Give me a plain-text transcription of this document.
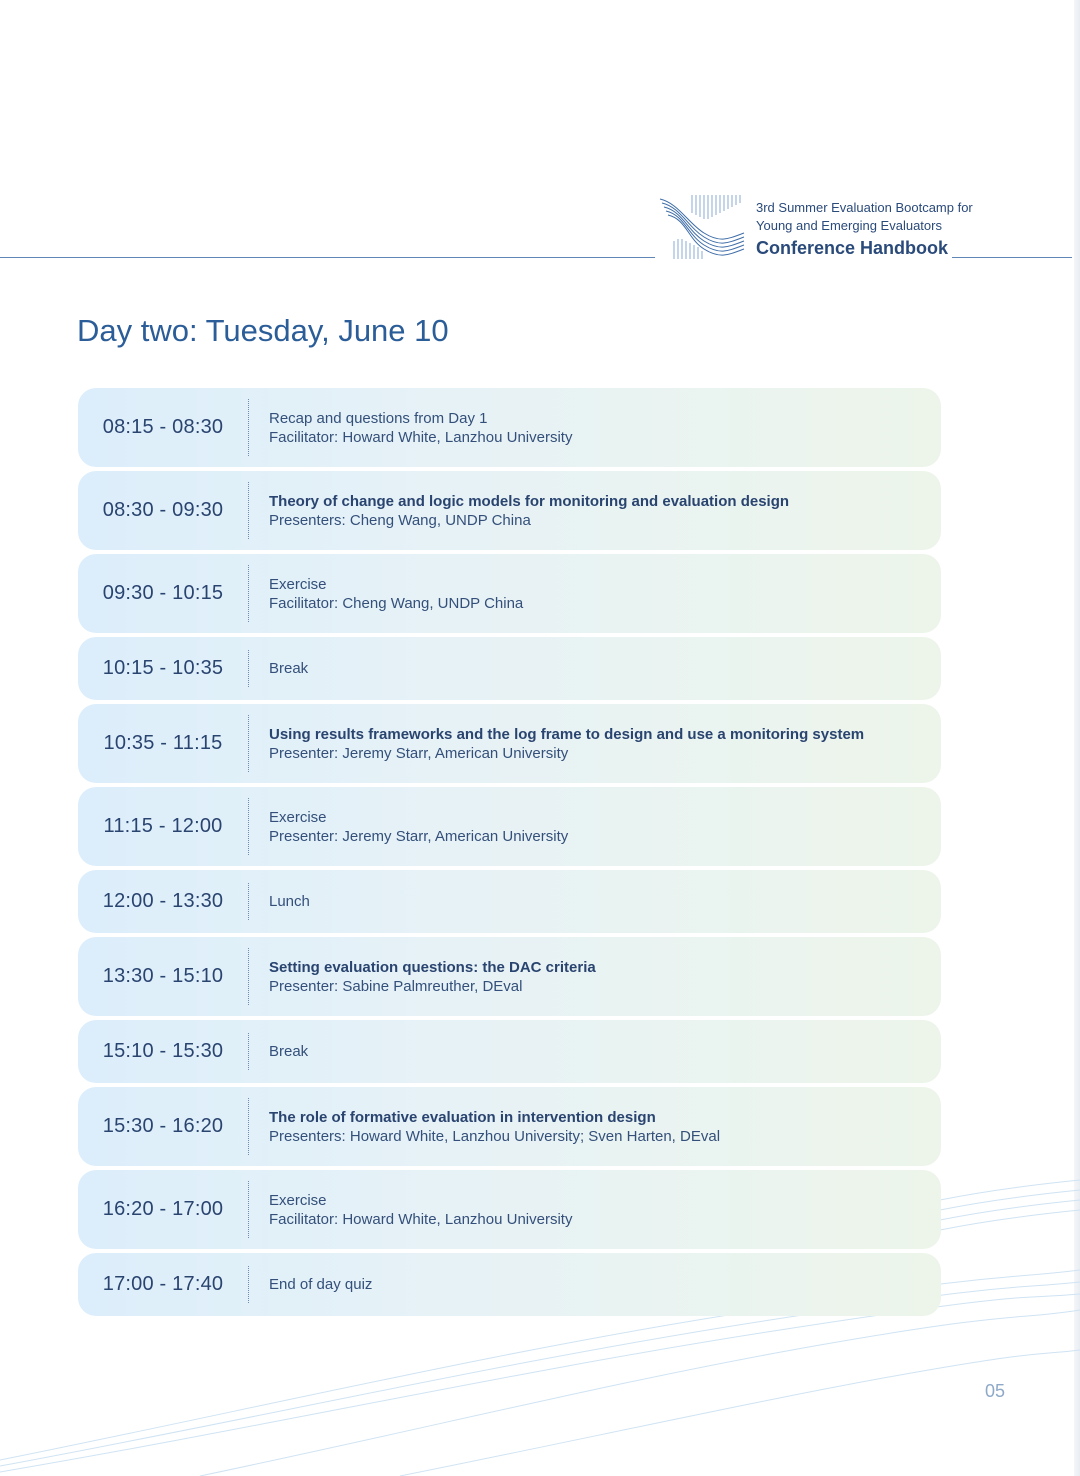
3rd Summer Evaluation Bootcamp for
Young and Emerging Evaluators
Conference Handbook
Day two: Tuesday, June 10
08:15 - 08:30	Recap and questions from Day 1
Facilitator: Howard White, Lanzhou University
08:30 - 09:30	Theory of change and logic models for monitoring and evaluation design
Presenters: Cheng Wang, UNDP China
09:30 - 10:15	Exercise
Facilitator: Cheng Wang, UNDP China
10:15 - 10:35	Break
10:35 - 11:15	Using results frameworks and the log frame to design and use a monitoring system
Presenter: Jeremy Starr, American University
11:15 - 12:00	Exercise
Presenter: Jeremy Starr, American University
12:00 - 13:30	Lunch
13:30 - 15:10	Setting evaluation questions: the DAC criteria
Presenter: Sabine Palmreuther, DEval
15:10 - 15:30	Break
15:30 - 16:20	The role of formative evaluation in intervention design
Presenters: Howard White, Lanzhou University; Sven Harten, DEval
16:20 - 17:00	Exercise
Facilitator: Howard White, Lanzhou University
17:00 - 17:40	End of day quiz
05
